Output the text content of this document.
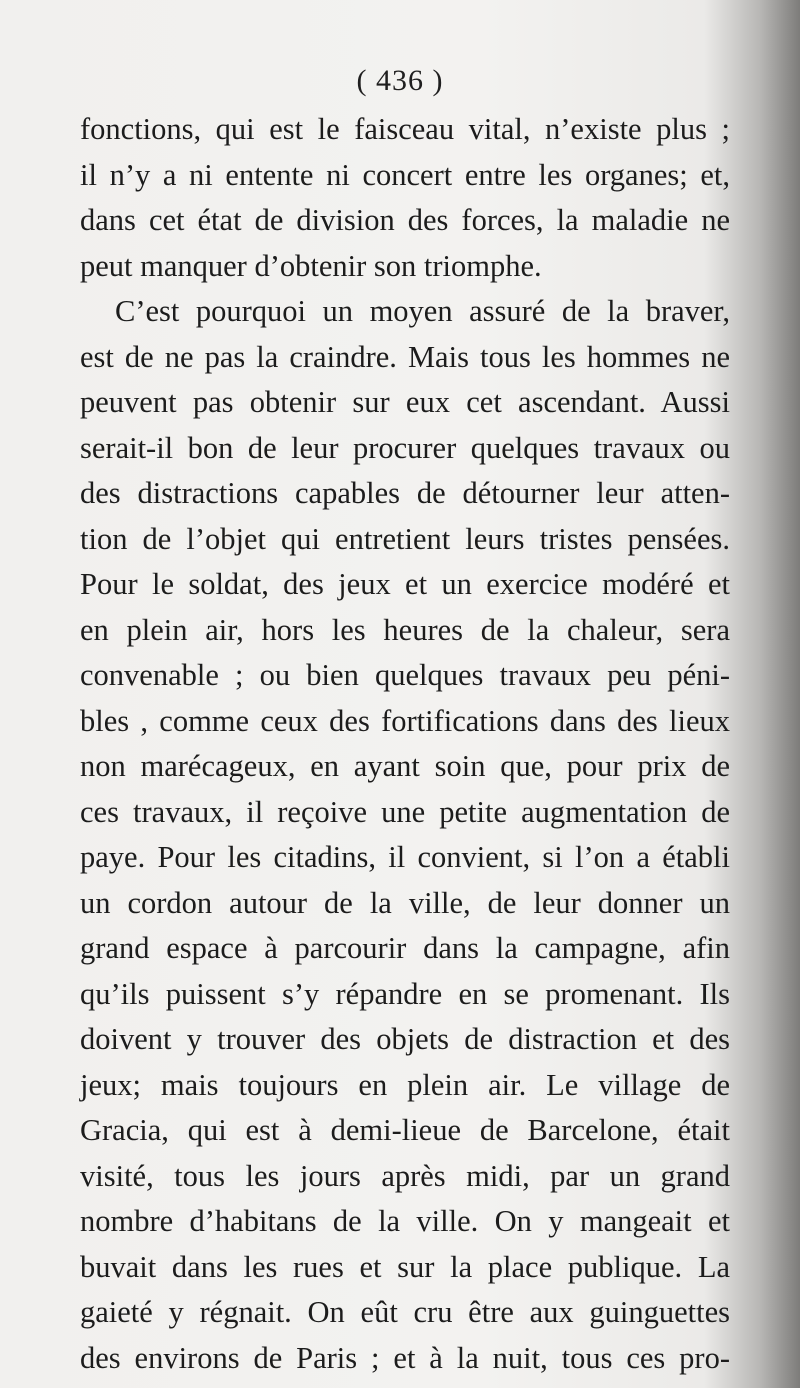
( 436 )
fonctions, qui est le faisceau vital, n’existe plus ;
il n’y a ni entente ni concert entre les organes; et,
dans cet état de division des forces, la maladie ne
peut manquer d’obtenir son triomphe.
C’est pourquoi un moyen assuré de la braver,
est de ne pas la craindre. Mais tous les hommes ne
peuvent pas obtenir sur eux cet ascendant. Aussi
serait-il bon de leur procurer quelques travaux ou
des distractions capables de détourner leur atten-
tion de l’objet qui entretient leurs tristes pensées.
Pour le soldat, des jeux et un exercice modéré et
en plein air, hors les heures de la chaleur, sera
convenable ; ou bien quelques travaux peu péni-
bles , comme ceux des fortifications dans des lieux
non marécageux, en ayant soin que, pour prix de
ces travaux, il reçoive une petite augmentation de
paye. Pour les citadins, il convient, si l’on a établi
un cordon autour de la ville, de leur donner un
grand espace à parcourir dans la campagne, afin
qu’ils puissent s’y répandre en se promenant. Ils
doivent y trouver des objets de distraction et des
jeux; mais toujours en plein air. Le village de
Gracia, qui est à demi-lieue de Barcelone, était
visité, tous les jours après midi, par un grand
nombre d’habitans de la ville. On y mangeait et
buvait dans les rues et sur la place publique. La
gaieté y régnait. On eût cru être aux guinguettes
des environs de Paris ; et à la nuit, tous ces pro-
